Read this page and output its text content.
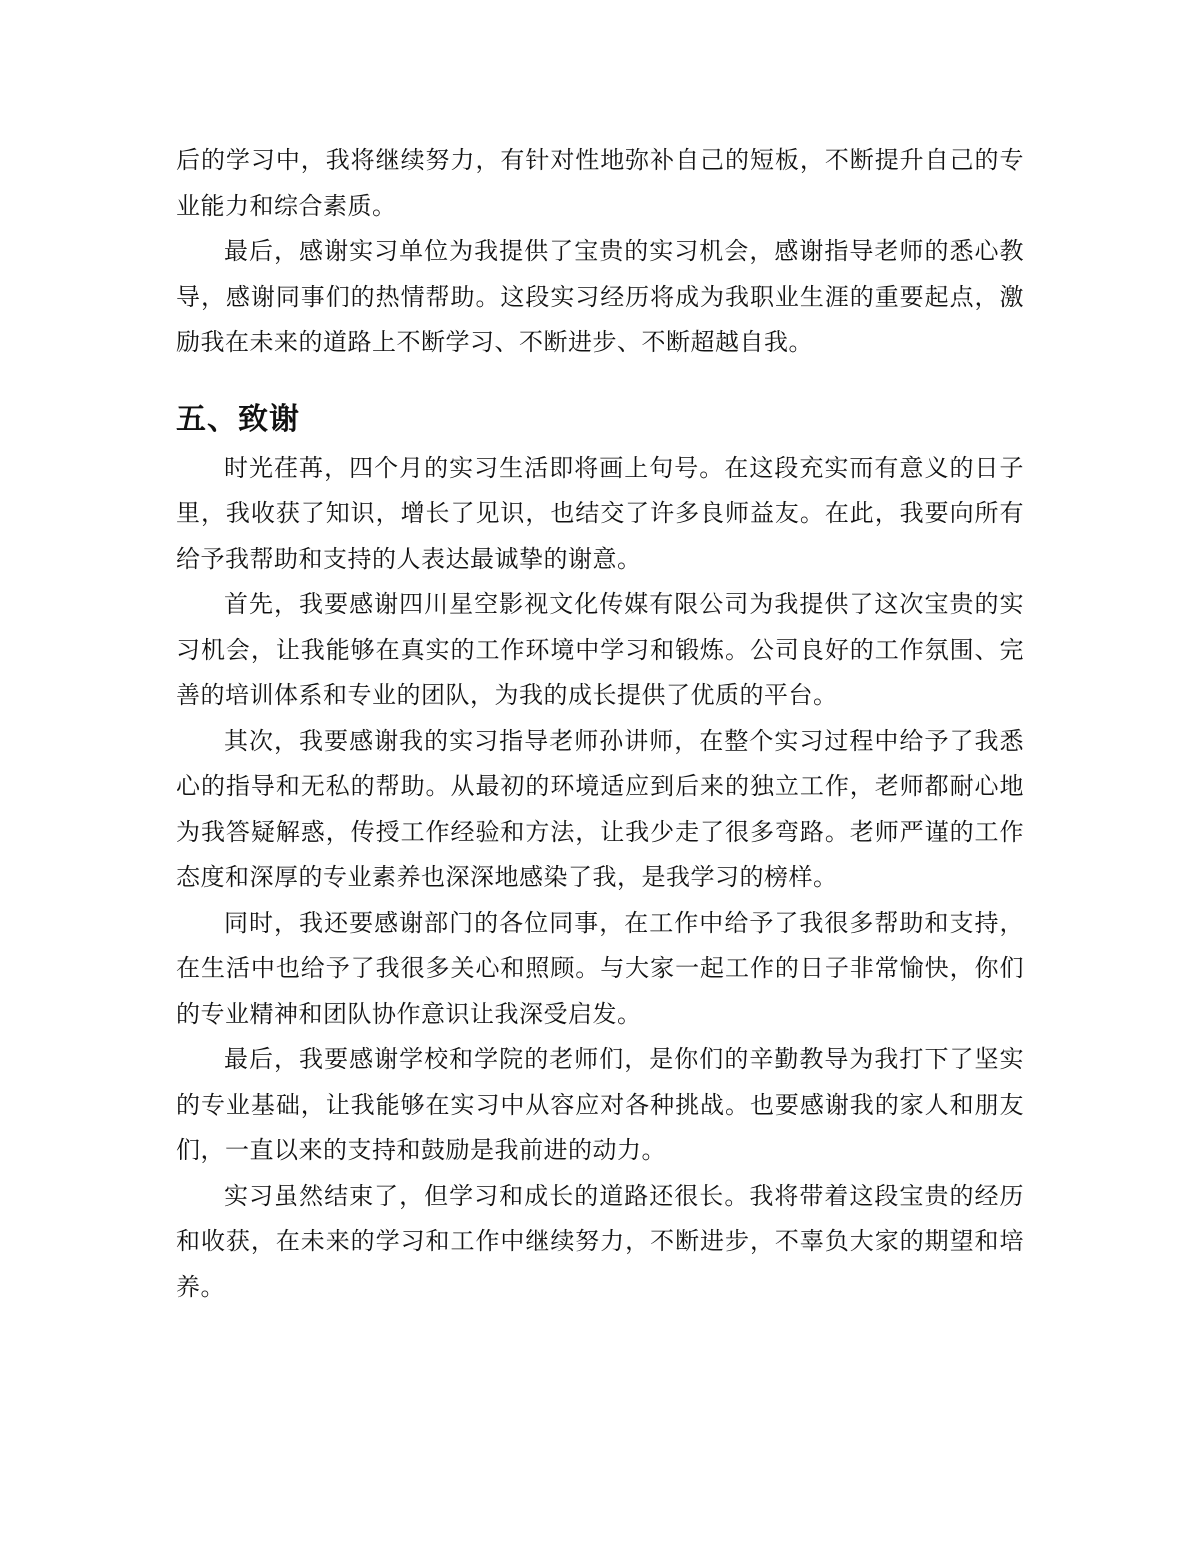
后的学习中，我将继续努力，有针对性地弥补自己的短板，不断提升自己的专业能力和综合素质。

最后，感谢实习单位为我提供了宝贵的实习机会，感谢指导老师的悉心教导，感谢同事们的热情帮助。这段实习经历将成为我职业生涯的重要起点，激励我在未来的道路上不断学习、不断进步、不断超越自我。

五、致谢

时光荏苒，四个月的实习生活即将画上句号。在这段充实而有意义的日子里，我收获了知识，增长了见识，也结交了许多良师益友。在此，我要向所有给予我帮助和支持的人表达最诚挚的谢意。

首先，我要感谢四川星空影视文化传媒有限公司为我提供了这次宝贵的实习机会，让我能够在真实的工作环境中学习和锻炼。公司良好的工作氛围、完善的培训体系和专业的团队，为我的成长提供了优质的平台。

其次，我要感谢我的实习指导老师孙讲师，在整个实习过程中给予了我悉心的指导和无私的帮助。从最初的环境适应到后来的独立工作，老师都耐心地为我答疑解惑，传授工作经验和方法，让我少走了很多弯路。老师严谨的工作态度和深厚的专业素养也深深地感染了我，是我学习的榜样。

同时，我还要感谢部门的各位同事，在工作中给予了我很多帮助和支持，在生活中也给予了我很多关心和照顾。与大家一起工作的日子非常愉快，你们的专业精神和团队协作意识让我深受启发。

最后，我要感谢学校和学院的老师们，是你们的辛勤教导为我打下了坚实的专业基础，让我能够在实习中从容应对各种挑战。也要感谢我的家人和朋友们，一直以来的支持和鼓励是我前进的动力。

实习虽然结束了，但学习和成长的道路还很长。我将带着这段宝贵的经历和收获，在未来的学习和工作中继续努力，不断进步，不辜负大家的期望和培养。
